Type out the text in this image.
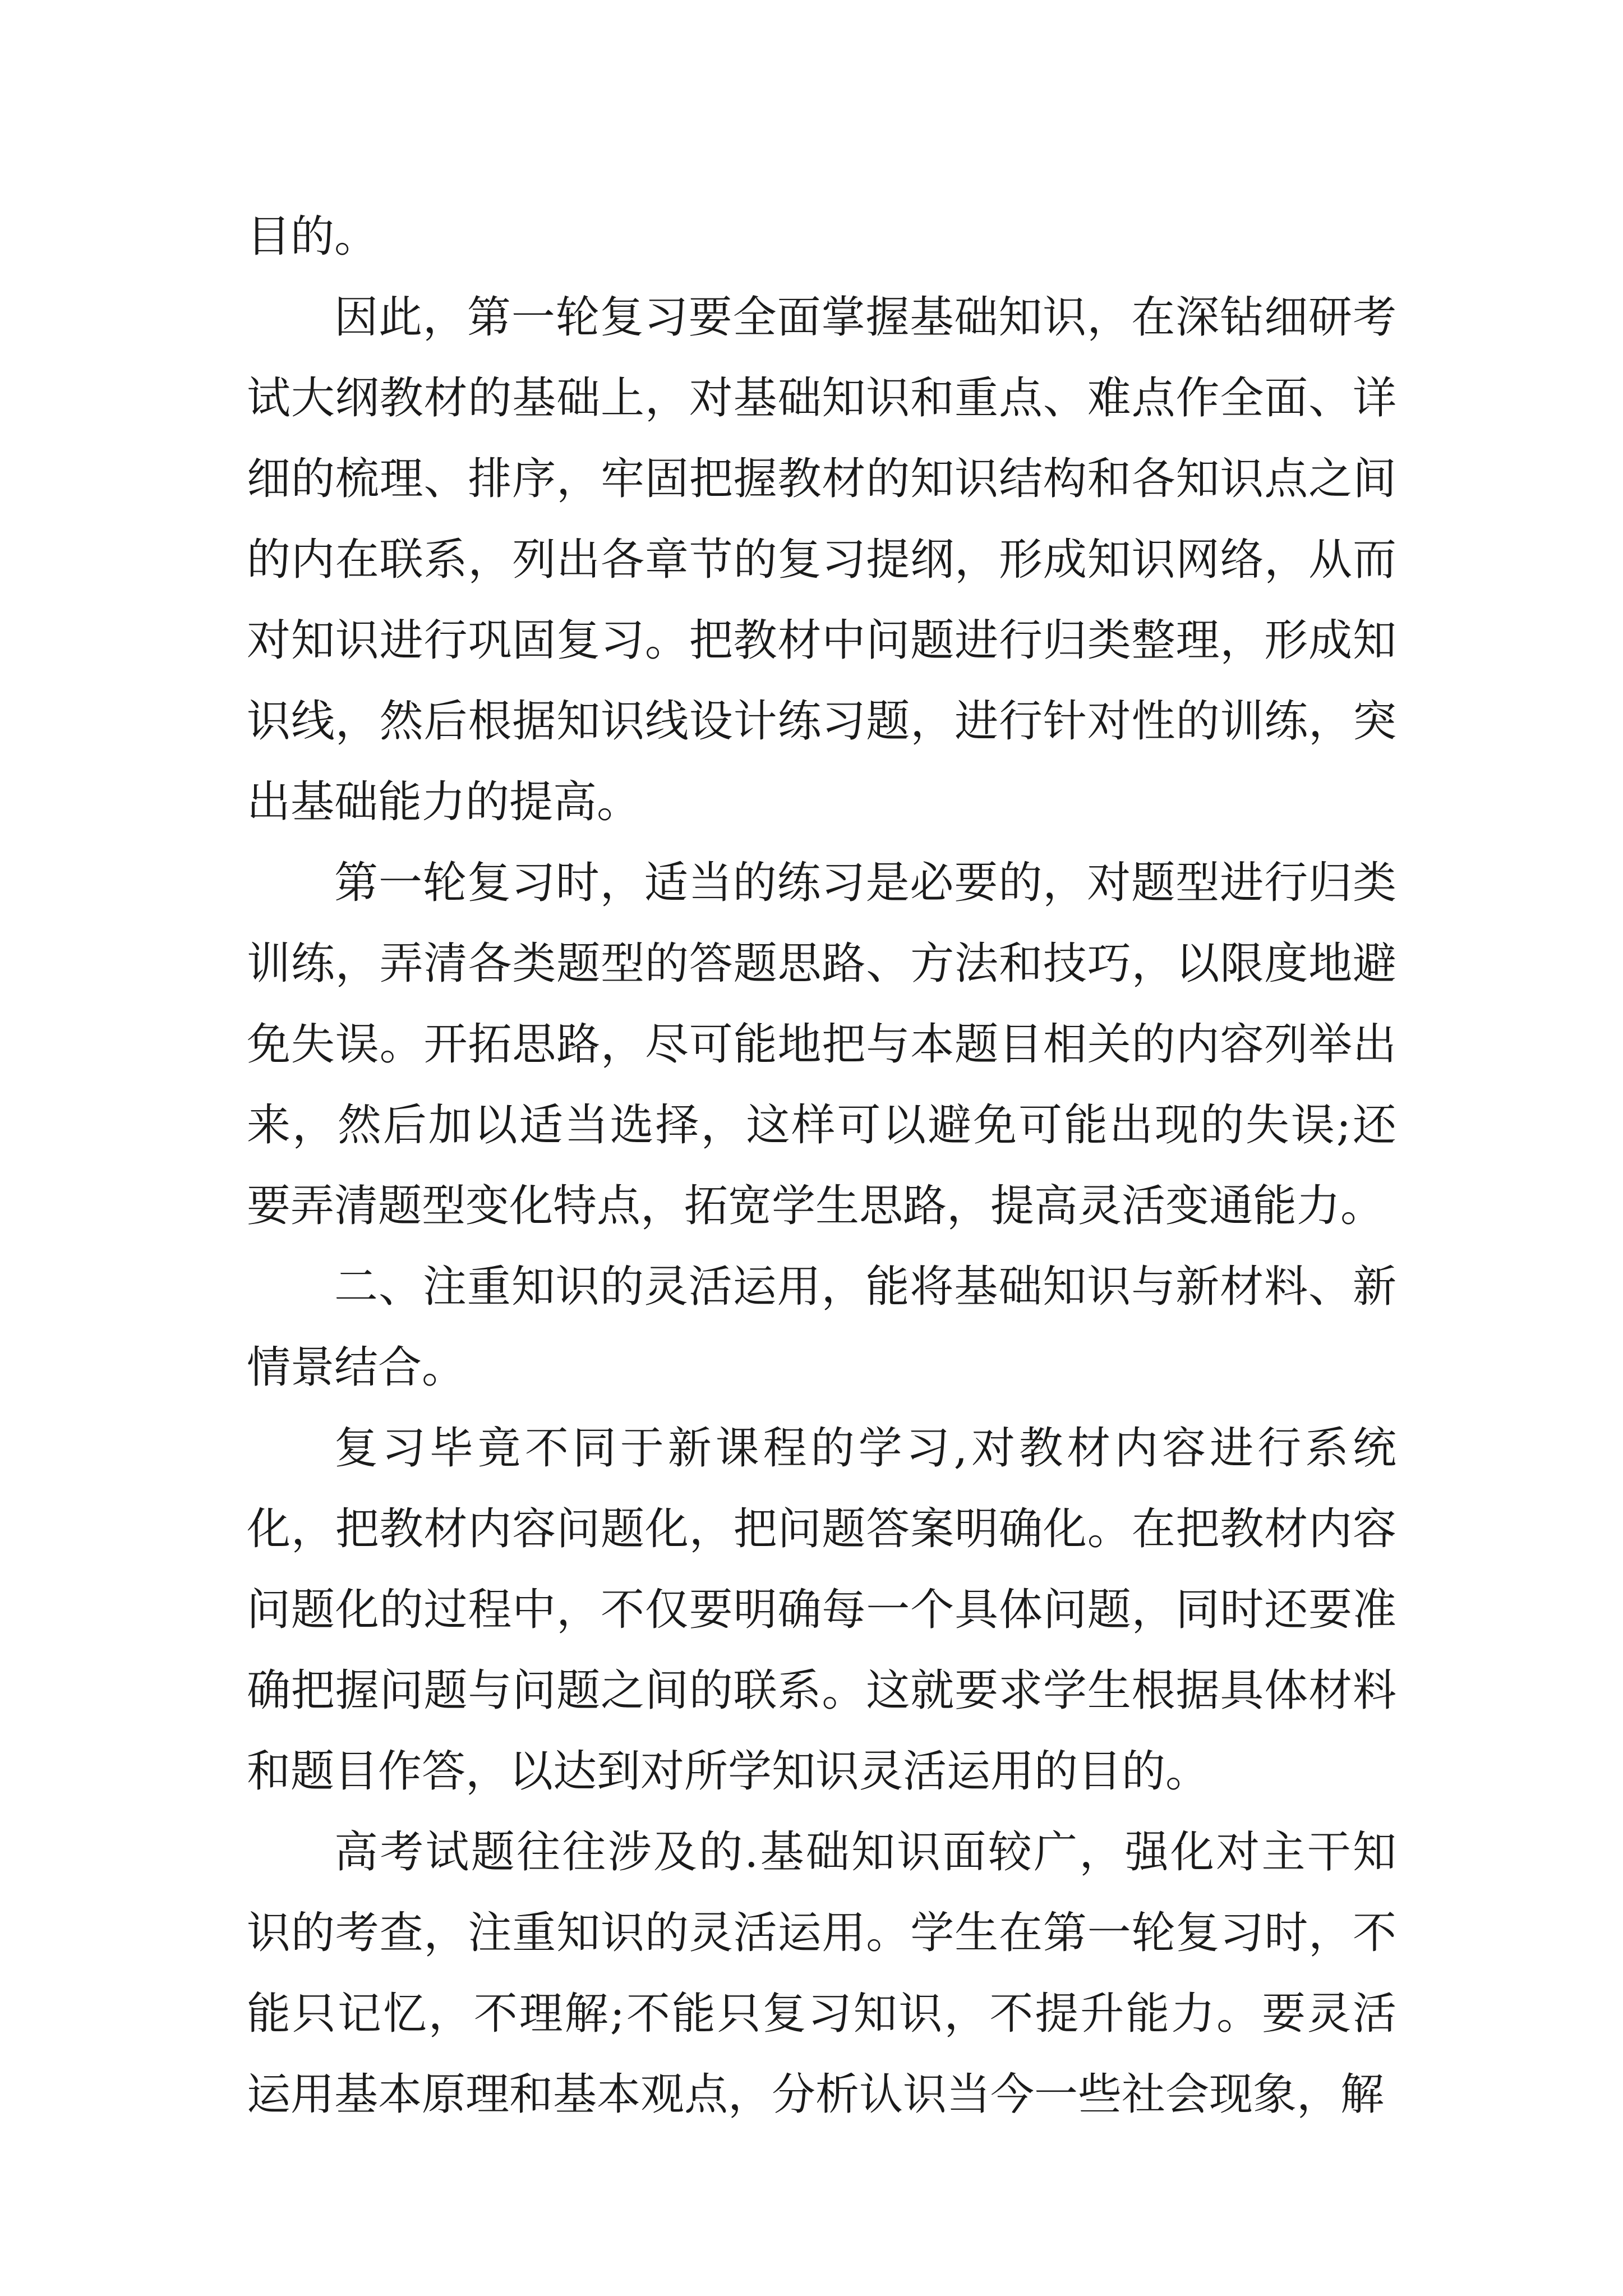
目的。

因此，第一轮复习要全面掌握基础知识，在深钻细研考试大纲教材的基础上，对基础知识和重点、难点作全面、详细的梳理、排序，牢固把握教材的知识结构和各知识点之间的内在联系，列出各章节的复习提纲，形成知识网络，从而对知识进行巩固复习。把教材中问题进行归类整理，形成知识线，然后根据知识线设计练习题，进行针对性的训练，突出基础能力的提高。

第一轮复习时，适当的练习是必要的，对题型进行归类训练，弄清各类题型的答题思路、方法和技巧，以限度地避免失误。开拓思路，尽可能地把与本题目相关的内容列举出来，然后加以适当选择，这样可以避免可能出现的失误;还要弄清题型变化特点，拓宽学生思路，提高灵活变通能力。

二、注重知识的灵活运用，能将基础知识与新材料、新情景结合。

复习毕竟不同于新课程的学习,对教材内容进行系统化，把教材内容问题化，把问题答案明确化。在把教材内容问题化的过程中，不仅要明确每一个具体问题，同时还要准确把握问题与问题之间的联系。这就要求学生根据具体材料和题目作答，以达到对所学知识灵活运用的目的。

高考试题往往涉及的.基础知识面较广，强化对主干知识的考查，注重知识的灵活运用。学生在第一轮复习时，不能只记忆，不理解;不能只复习知识，不提升能力。要灵活运用基本原理和基本观点，分析认识当今一些社会现象，解
